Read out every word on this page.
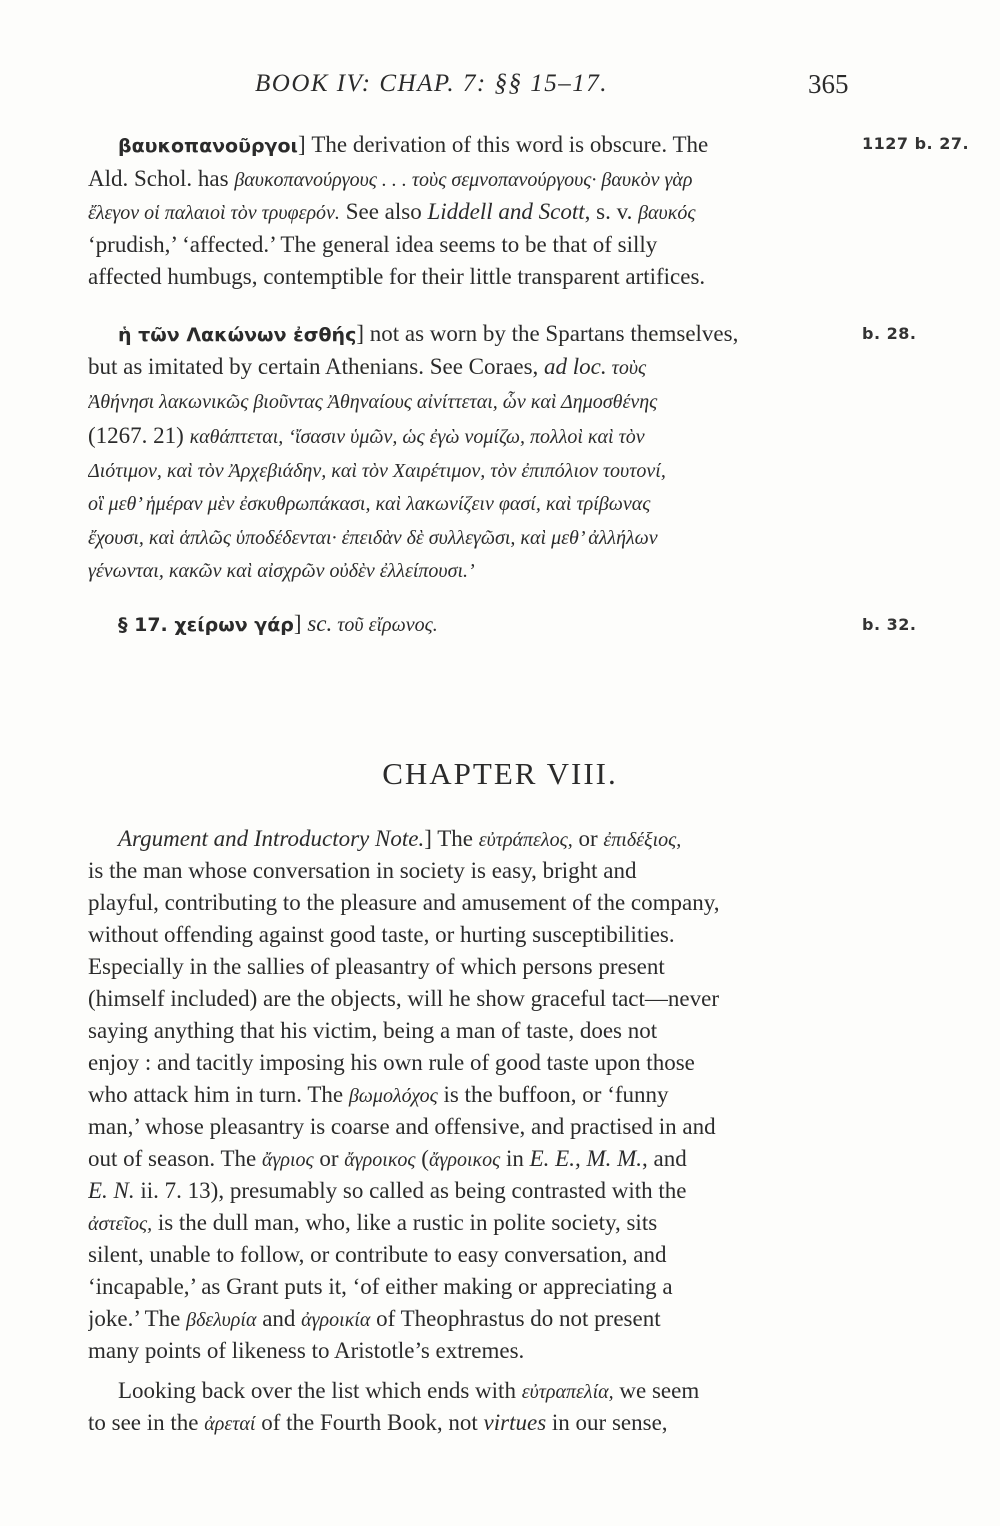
BOOK IV: CHAP. 7: §§ 15–17.	365
1127 b. 27.
βαυκοπανοῦργοι] The derivation of this word is obscure. The
Ald. Schol. has βαυκοπανούργους . . . τοὺς σεμνοπανούργους· βαυκὸν γὰρ
ἔλεγον οἱ παλαιοὶ τὸν τρυφερόν. See also Liddell and Scott, s. v. βαυκός
‘prudish,’ ‘affected.’ The general idea seems to be that of silly
affected humbugs, contemptible for their little transparent artifices.
b. 28.
ἡ τῶν Λακώνων ἐσθής] not as worn by the Spartans themselves,
but as imitated by certain Athenians. See Coraes, ad loc. τοὺς
Ἀθήνησι λακωνικῶς βιοῦντας Ἀθηναίους αἰνίττεται, ὧν καὶ Δημοσθένης
(1267. 21) καθάπτεται, ‘ἴσασιν ὑμῶν, ὡς ἐγὼ νομίζω, πολλοὶ καὶ τὸν
Διότιμον, καὶ τὸν Ἀρχεβιάδην, καὶ τὸν Χαιρέτιμον, τὸν ἐπιπόλιον τουτονί,
οἳ μεθ’ ἡμέραν μὲν ἐσκυθρωπάκασι, καὶ λακωνίζειν φασί, καὶ τρίβωνας
ἔχουσι, καὶ ἁπλῶς ὑποδέδενται· ἐπειδὰν δὲ συλλεγῶσι, καὶ μεθ’ ἀλλήλων
γένωνται, κακῶν καὶ αἰσχρῶν οὐδὲν ἐλλείπουσι.’
b. 32.
§ 17. χείρων γάρ] sc. τοῦ εἴρωνος.
CHAPTER VIII.
Argument and Introductory Note.] The εὐτράπελος, or ἐπιδέξιος,
is the man whose conversation in society is easy, bright and
playful, contributing to the pleasure and amusement of the company,
without offending against good taste, or hurting susceptibilities.
Especially in the sallies of pleasantry of which persons present
(himself included) are the objects, will he show graceful tact—never
saying anything that his victim, being a man of taste, does not
enjoy : and tacitly imposing his own rule of good taste upon those
who attack him in turn. The βωμολόχος is the buffoon, or ‘funny
man,’ whose pleasantry is coarse and offensive, and practised in and
out of season. The ἄγριος or ἄγροικος (ἄγροικος in E. E., M. M., and
E. N. ii. 7. 13), presumably so called as being contrasted with the
ἀστεῖος, is the dull man, who, like a rustic in polite society, sits
silent, unable to follow, or contribute to easy conversation, and
‘incapable,’ as Grant puts it, ‘of either making or appreciating a
joke.’ The βδελυρία and ἀγροικία of Theophrastus do not present
many points of likeness to Aristotle’s extremes.
Looking back over the list which ends with εὐτραπελία, we seem
to see in the ἀρεταί of the Fourth Book, not virtues in our sense,
